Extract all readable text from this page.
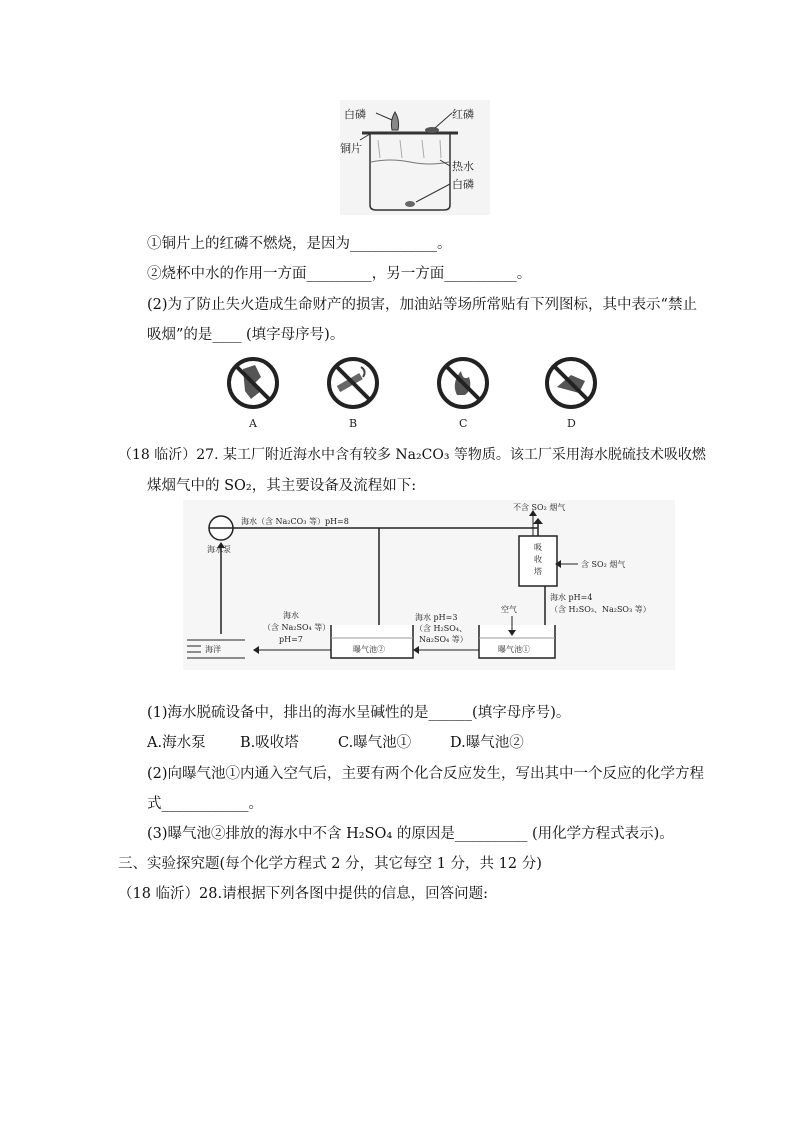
白磷	红磷
铜片
热水
白磷
①铜片上的红磷不燃烧，是因为____________。
②烧杯中水的作用一方面_________，另一方面__________。
(2)为了防止失火造成生命财产的损害，加油站等场所常贴有下列图标，其中表示“禁止
吸烟”的是____ (填字母序号)。
A	B	C	D
（18 临沂）27. 某工厂附近海水中含有较多 Na₂CO₃ 等物质。该工厂采用海水脱硫技术吸收燃
煤烟气中的 SO₂，其主要设备及流程如下:
海水（含 Na₂CO₃ 等）pH=8
海水泵
不含 SO₂ 烟气
吸
收
塔
含 SO₂ 烟气
海水 pH=4
（含 H₂SO₃、Na₂SO₃ 等）
空气
曝气池①
海水 pH=3
（含 H₂SO₄、
Na₂SO₄ 等）
曝气池②
海水
（含 Na₂SO₄ 等）
pH=7
海洋
(1)海水脱硫设备中，排出的海水呈碱性的是______(填字母序号)。
A.海水泵 B.吸收塔	C.曝气池①	D.曝气池②
(2)向曝气池①内通入空气后，主要有两个化合反应发生，写出其中一个反应的化学方程
式____________。
(3)曝气池②排放的海水中不含 H₂SO₄ 的原因是__________ (用化学方程式表示)。
三、实验探究题(每个化学方程式 2 分，其它每空 1 分，共 12 分)
（18 临沂）28.请根据下列各图中提供的信息，回答问题:
